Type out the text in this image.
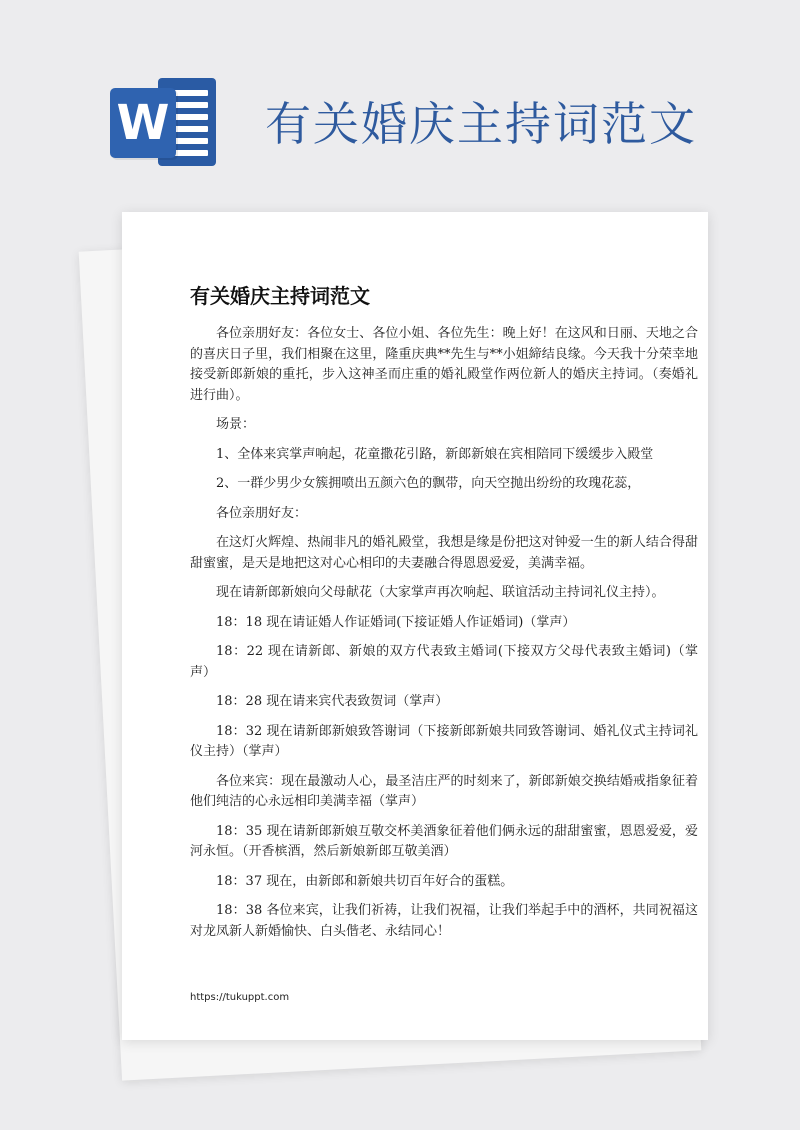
W 有关婚庆主持词范文
有关婚庆主持词范文

各位亲朋好友：各位女士、各位小姐、各位先生：晚上好！在这风和日丽、天地之合的喜庆日子里，我们相聚在这里，隆重庆典**先生与**小姐締结良缘。今天我十分荣幸地接受新郎新娘的重托，步入这神圣而庄重的婚礼殿堂作两位新人的婚庆主持词。（奏婚礼进行曲）。

场景：

1、全体来宾掌声响起，花童撒花引路，新郎新娘在宾相陪同下缓缓步入殿堂

2、一群少男少女簇拥喷出五颜六色的飘带，向天空抛出纷纷的玫瑰花蕊，

各位亲朋好友：

在这灯火辉煌、热闹非凡的婚礼殿堂，我想是缘是份把这对钟爱一生的新人结合得甜甜蜜蜜，是天是地把这对心心相印的夫妻融合得恩恩爱爱，美满幸福。

现在请新郎新娘向父母献花（大家掌声再次响起、联谊活动主持词礼仪主持）。

18：18 现在请证婚人作证婚词(下接证婚人作证婚词)（掌声）

18：22 现在请新郎、新娘的双方代表致主婚词(下接双方父母代表致主婚词)（掌声）

18：28 现在请来宾代表致贺词（掌声）

18：32 现在请新郎新娘致答谢词（下接新郎新娘共同致答谢词、婚礼仪式主持词礼仪主持）（掌声）

各位来宾：现在最激动人心，最圣洁庄严的时刻来了，新郎新娘交换结婚戒指象征着他们纯洁的心永远相印美满幸福（掌声）

18：35 现在请新郎新娘互敬交杯美酒象征着他们俩永远的甜甜蜜蜜，恩恩爱爱，爱河永恒。（开香槟酒，然后新娘新郎互敬美酒）

18：37 现在，由新郎和新娘共切百年好合的蛋糕。

18：38 各位来宾，让我们祈祷，让我们祝福，让我们举起手中的酒杯，共同祝福这对龙凤新人新婚愉快、白头偕老、永结同心！

https://tukuppt.com
